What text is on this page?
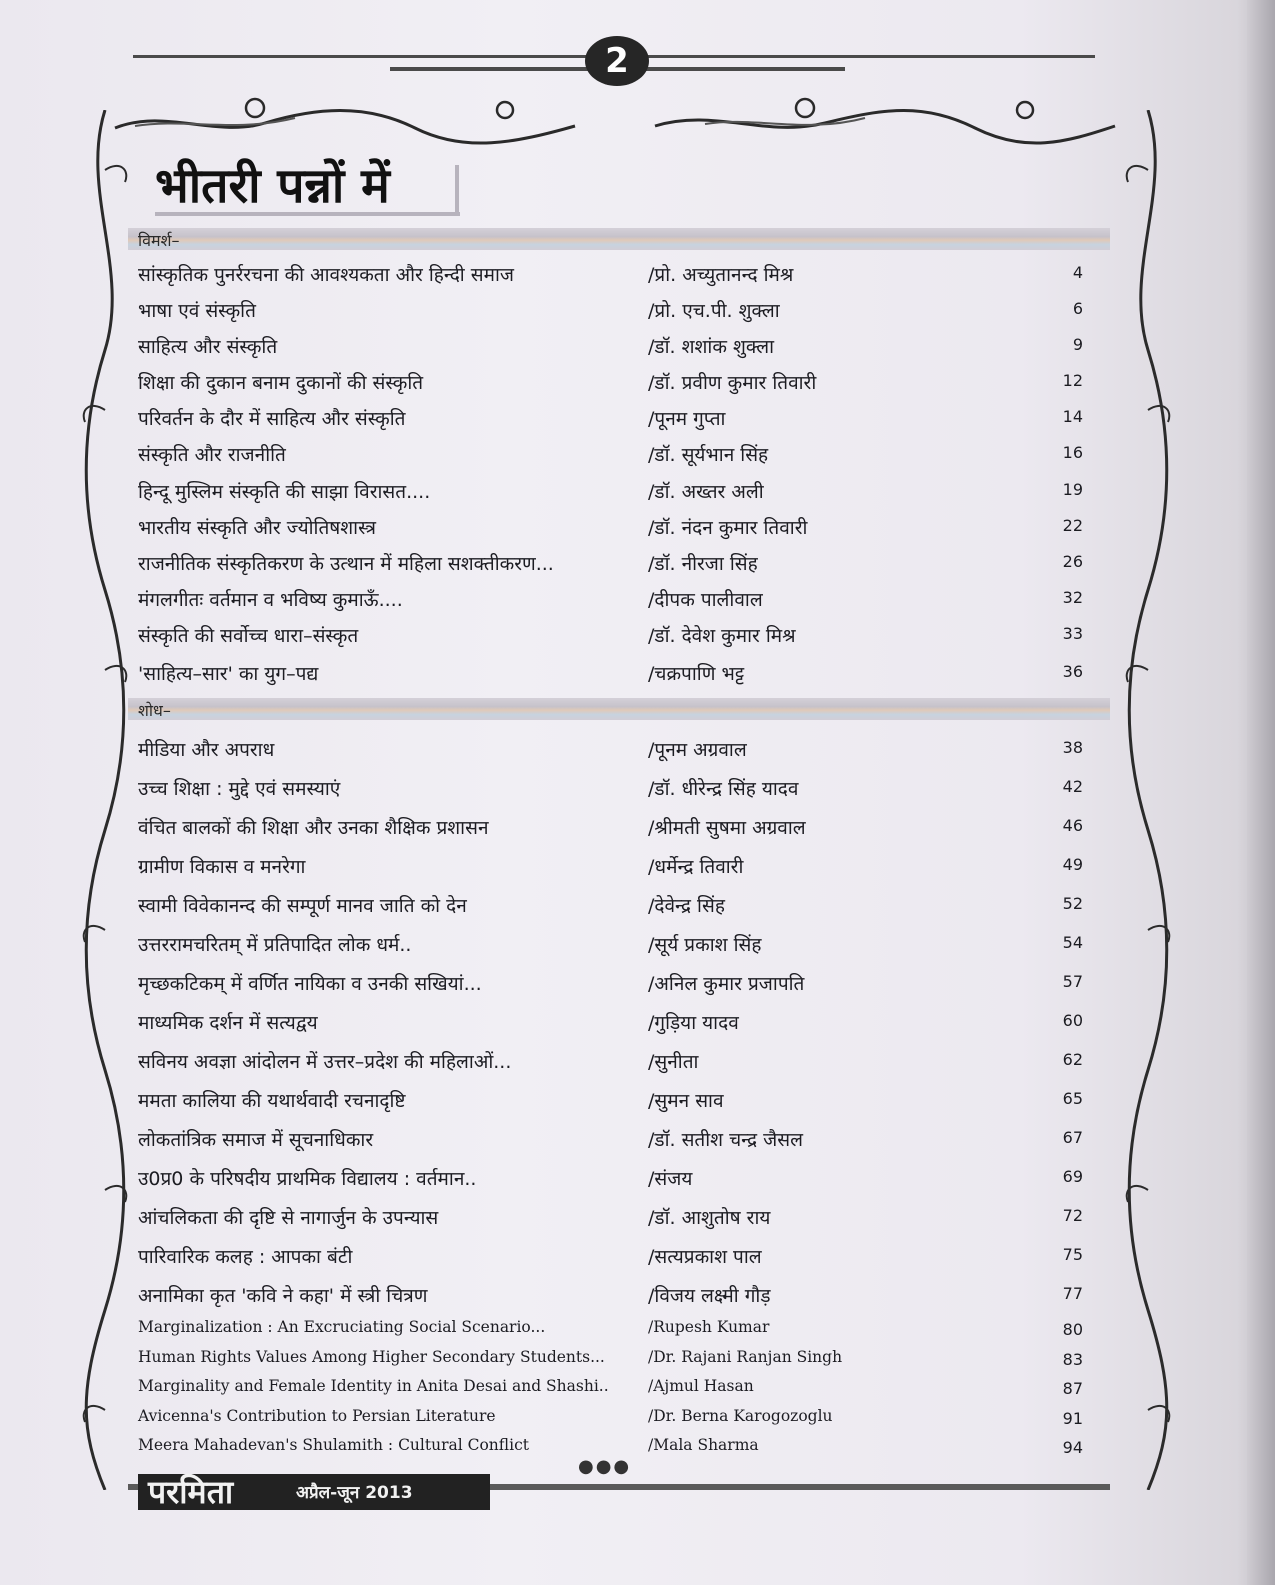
2
भीतरी पन्नों में
विमर्श–
शोध–
सांस्कृतिक पुनर्ररचना की आवश्यकता और हिन्दी समाज	/प्रो. अच्युतानन्द मिश्र	4
भाषा एवं संस्कृति	/प्रो. एच.पी. शुक्ला	6
साहित्य और संस्कृति	/डॉ. शशांक शुक्ला	9
शिक्षा की दुकान बनाम दुकानों की संस्कृति	/डॉ. प्रवीण कुमार तिवारी	12
परिवर्तन के दौर में साहित्य और संस्कृति	/पूनम गुप्ता	14
संस्कृति और राजनीति	/डॉ. सूर्यभान सिंह	16
हिन्दू मुस्लिम संस्कृति की साझा विरासत....	/डॉ. अख्तर अली	19
भारतीय संस्कृति और ज्योतिषशास्त्र	/डॉ. नंदन कुमार तिवारी	22
राजनीतिक संस्कृतिकरण के उत्थान में महिला सशक्तीकरण...	/डॉ. नीरजा सिंह	26
मंगलगीतः वर्तमान व भविष्य कुमाऊँ....	/दीपक पालीवाल	32
संस्कृति की सर्वोच्च धारा–संस्कृत	/डॉ. देवेश कुमार मिश्र	33
'साहित्य–सार' का युग–पद्य	/चक्रपाणि भट्ट	36
मीडिया और अपराध	/पूनम अग्रवाल	38
उच्च शिक्षा : मुद्दे एवं समस्याएं	/डॉ. धीरेन्द्र सिंह यादव	42
वंचित बालकों की शिक्षा और उनका शैक्षिक प्रशासन	/श्रीमती सुषमा अग्रवाल	46
ग्रामीण विकास व मनरेगा	/धर्मेन्द्र तिवारी	49
स्वामी विवेकानन्द की सम्पूर्ण मानव जाति को देन	/देवेन्द्र सिंह	52
उत्तररामचरितम् में प्रतिपादित लोक धर्म..	/सूर्य प्रकाश सिंह	54
मृच्छकटिकम् में वर्णित नायिका व उनकी सखियां...	/अनिल कुमार प्रजापति	57
माध्यमिक दर्शन में सत्यद्वय	/गुड़िया यादव	60
सविनय अवज्ञा आंदोलन में उत्तर–प्रदेश की महिलाओं...	/सुनीता	62
ममता कालिया की यथार्थवादी रचनादृष्टि	/सुमन साव	65
लोकतांत्रिक समाज में सूचनाधिकार	/डॉ. सतीश चन्द्र जैसल	67
उ0प्र0 के परिषदीय प्राथमिक विद्यालय : वर्तमान..	/संजय	69
आंचलिकता की दृष्टि से नागार्जुन के उपन्यास	/डॉ. आशुतोष राय	72
पारिवारिक कलह : आपका बंटी	/सत्यप्रकाश पाल	75
अनामिका कृत 'कवि ने कहा' में स्त्री चित्रण	/विजय लक्ष्मी गौड़	77
Marginalization : An Excruciating Social Scenario...	/Rupesh Kumar	80
Human Rights Values Among Higher Secondary Students...	/Dr. Rajani Ranjan Singh	83
Marginality and Female Identity in Anita Desai and Shashi..	/Ajmul Hasan	87
Avicenna's Contribution to Persian Literature	/Dr. Berna Karogozoglu	91
Meera Mahadevan's Shulamith : Cultural Conflict	/Mala Sharma	94
●●●
परमिता	अप्रैल-जून 2013
